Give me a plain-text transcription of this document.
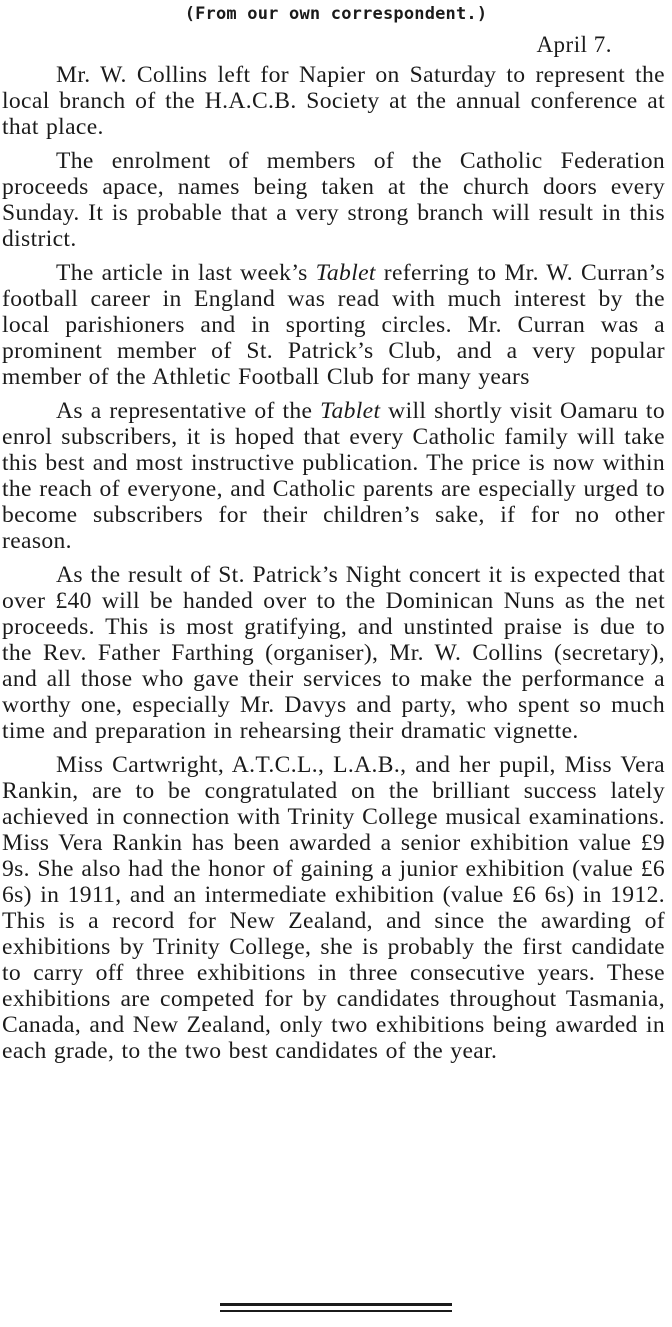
(From our own correspondent.)
April 7.

Mr. W. Collins left for Napier on Saturday to represent the local branch of the H.A.C.B. Society at the annual conference at that place.

The enrolment of members of the Catholic Federation proceeds apace, names being taken at the church doors every Sunday. It is probable that a very strong branch will result in this district.

The article in last week’s Tablet referring to Mr. W. Curran’s football career in England was read with much interest by the local parishioners and in sporting circles. Mr. Curran was a prominent member of St. Patrick’s Club, and a very popular member of the Athletic Football Club for many years

As a representative of the Tablet will shortly visit Oamaru to enrol subscribers, it is hoped that every Catholic family will take this best and most instructive publication. The price is now within the reach of everyone, and Catholic parents are especially urged to become subscribers for their children’s sake, if for no other reason.

As the result of St. Patrick’s Night concert it is expected that over £40 will be handed over to the Dominican Nuns as the net proceeds. This is most gratifying, and unstinted praise is due to the Rev. Father Farthing (organiser), Mr. W. Collins (secretary), and all those who gave their services to make the performance a worthy one, especially Mr. Davys and party, who spent so much time and preparation in rehearsing their dramatic vignette.

Miss Cartwright, A.T.C.L., L.A.B., and her pupil, Miss Vera Rankin, are to be congratulated on the brilliant success lately achieved in connection with Trinity College musical examinations. Miss Vera Rankin has been awarded a senior exhibition value £9 9s. She also had the honor of gaining a junior exhibition (value £6 6s) in 1911, and an intermediate exhibition (value £6 6s) in 1912. This is a record for New Zealand, and since the awarding of exhibitions by Trinity College, she is probably the first candidate to carry off three exhibitions in three consecutive years. These exhibitions are competed for by candidates throughout Tasmania, Canada, and New Zealand, only two exhibitions being awarded in each grade, to the two best candidates of the year.
